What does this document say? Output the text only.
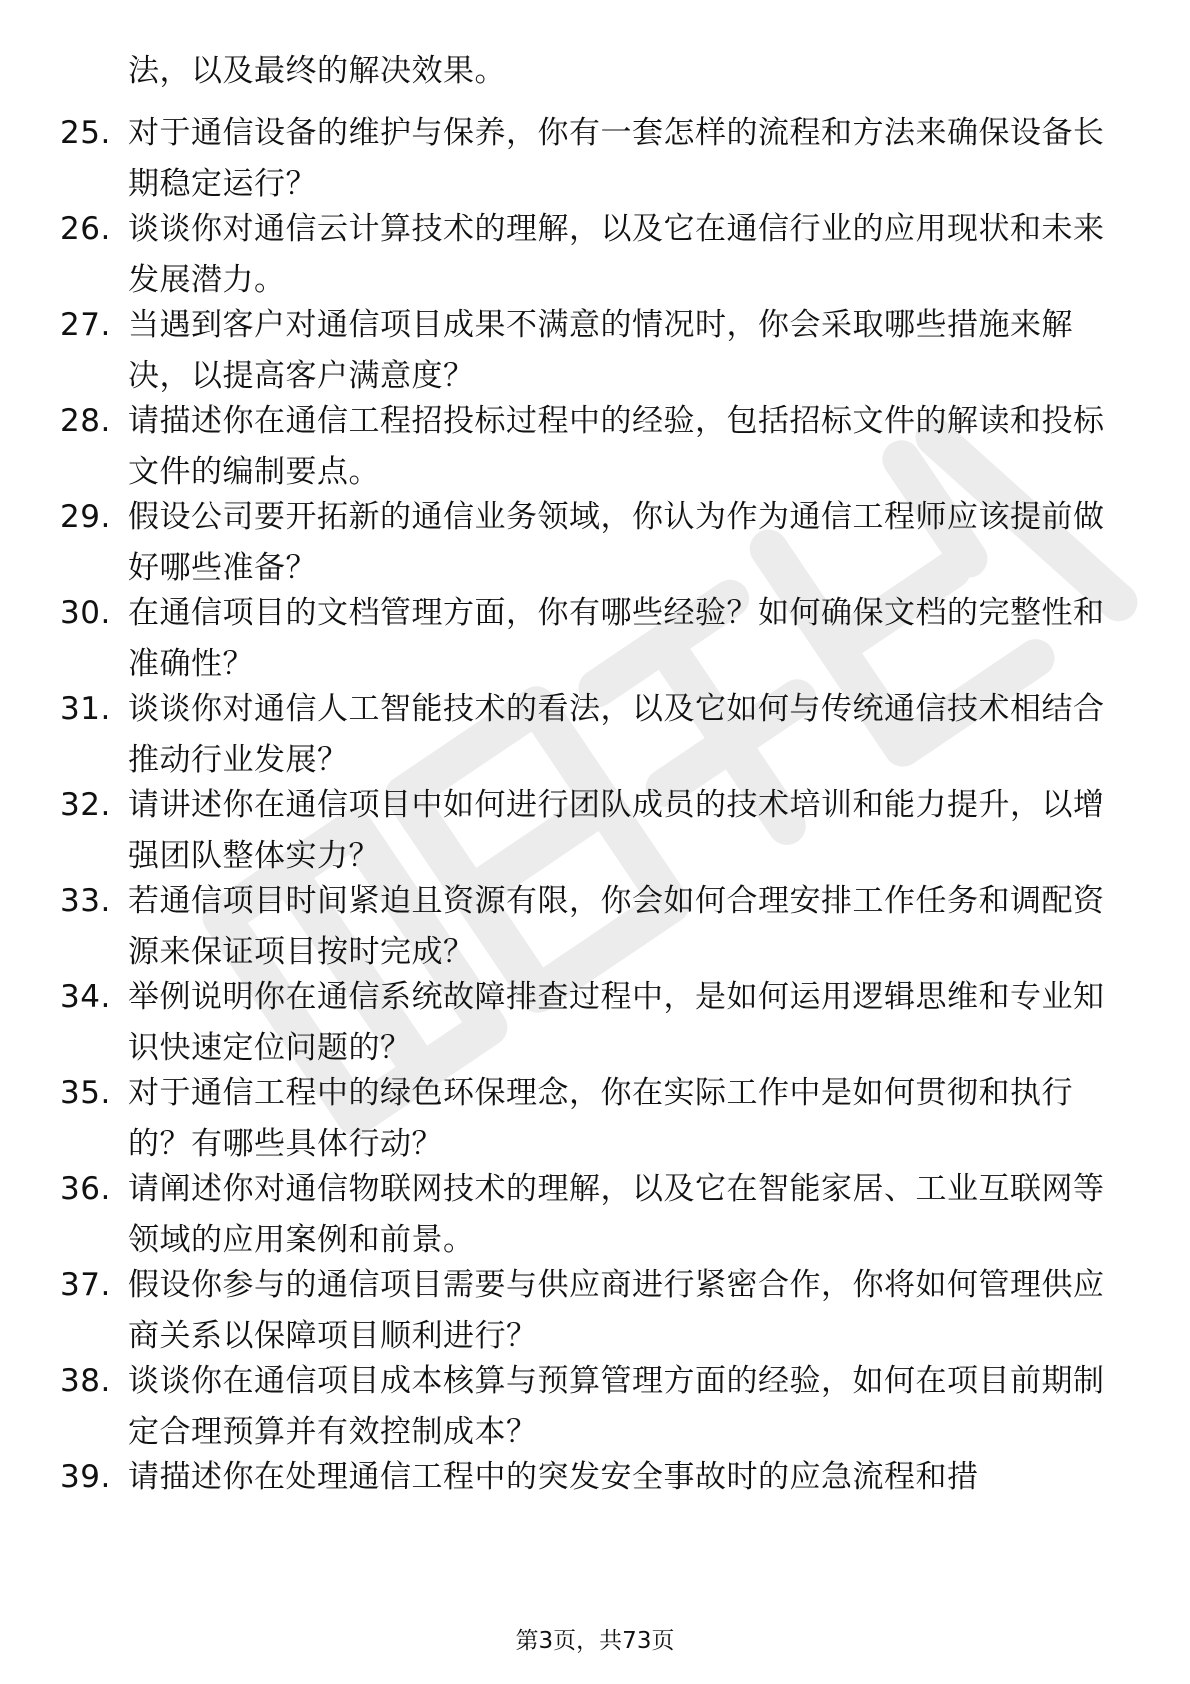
法，以及最终的解决效果。
25. 对于通信设备的维护与保养，你有一套怎样的流程和方法来确保设备长期稳定运行？
26. 谈谈你对通信云计算技术的理解，以及它在通信行业的应用现状和未来发展潜力。
27. 当遇到客户对通信项目成果不满意的情况时，你会采取哪些措施来解决，以提高客户满意度？
28. 请描述你在通信工程招投标过程中的经验，包括招标文件的解读和投标文件的编制要点。
29. 假设公司要开拓新的通信业务领域，你认为作为通信工程师应该提前做好哪些准备？
30. 在通信项目的文档管理方面，你有哪些经验？如何确保文档的完整性和准确性？
31. 谈谈你对通信人工智能技术的看法，以及它如何与传统通信技术相结合推动行业发展？
32. 请讲述你在通信项目中如何进行团队成员的技术培训和能力提升，以增强团队整体实力？
33. 若通信项目时间紧迫且资源有限，你会如何合理安排工作任务和调配资源来保证项目按时完成？
34. 举例说明你在通信系统故障排查过程中，是如何运用逻辑思维和专业知识快速定位问题的？
35. 对于通信工程中的绿色环保理念，你在实际工作中是如何贯彻和执行的？有哪些具体行动？
36. 请阐述你对通信物联网技术的理解，以及它在智能家居、工业互联网等领域的应用案例和前景。
37. 假设你参与的通信项目需要与供应商进行紧密合作，你将如何管理供应商关系以保障项目顺利进行？
38. 谈谈你在通信项目成本核算与预算管理方面的经验，如何在项目前期制定合理预算并有效控制成本？
39. 请描述你在处理通信工程中的突发安全事故时的应急流程和措
第3页，共73页
